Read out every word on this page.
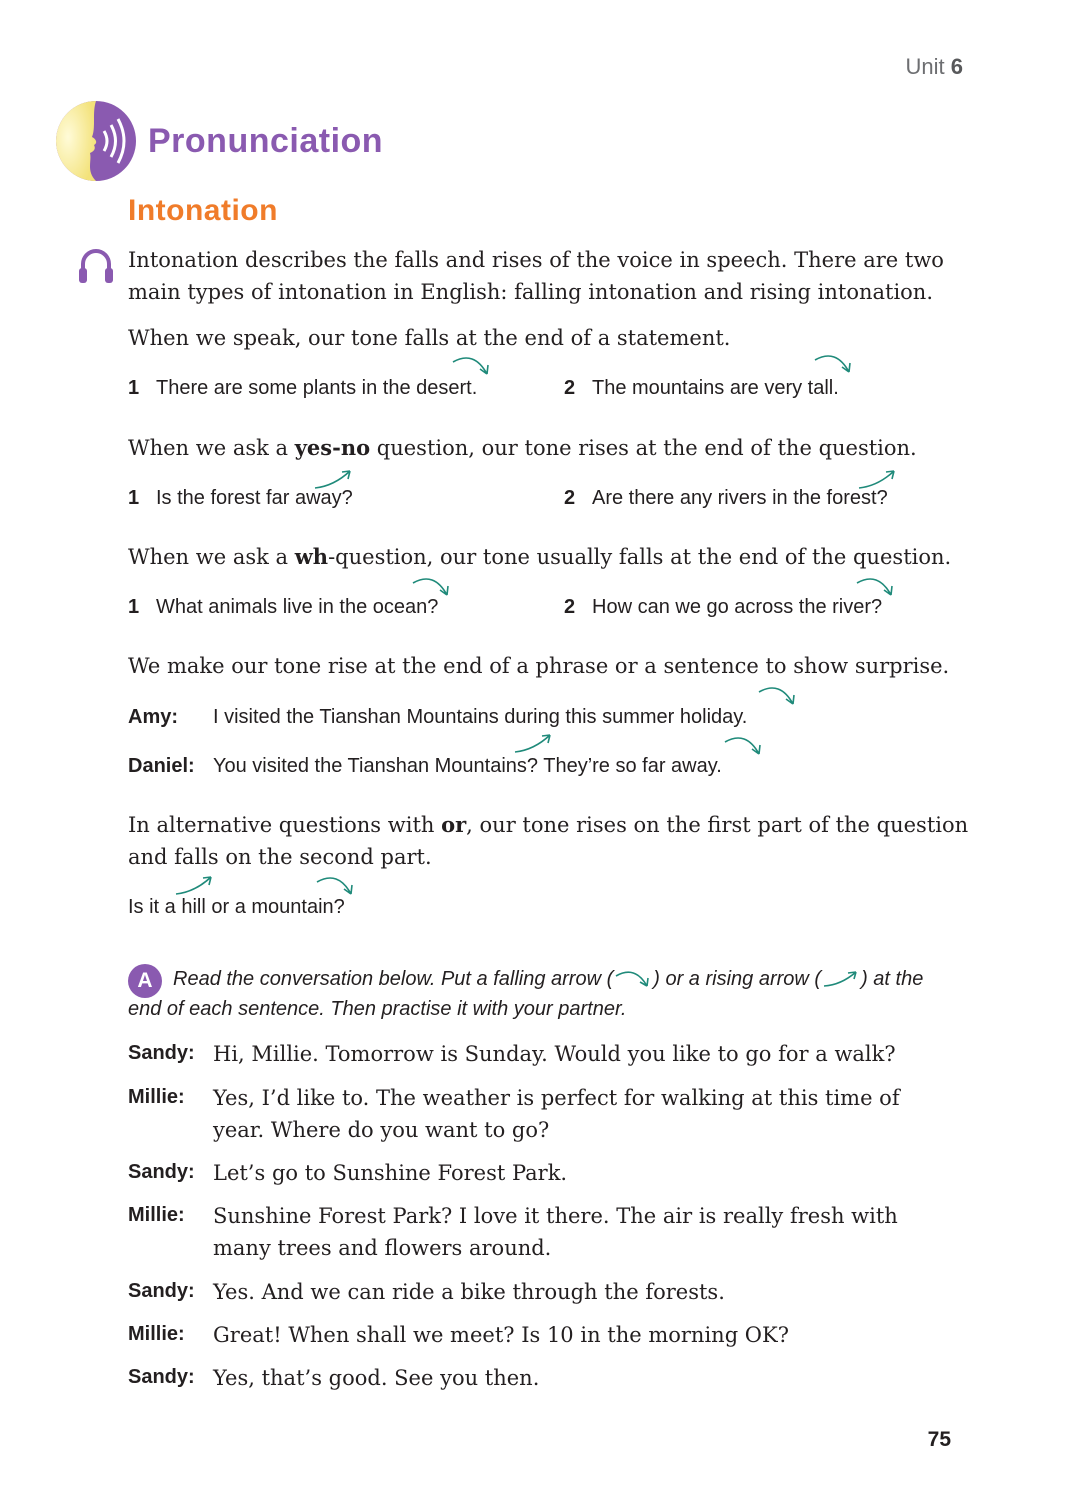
Unit 6
Pronunciation
Intonation
Intonation describes the falls and rises of the voice in speech. There are two main types of intonation in English: falling intonation and rising intonation.
When we speak, our tone falls at the end of a statement.
1 There are some plants in the desert.	2 The mountains are very tall.
When we ask a yes-no question, our tone rises at the end of the question.
1 Is the forest far away?	2 Are there any rivers in the forest?
When we ask a wh-question, our tone usually falls at the end of the question.
1 What animals live in the ocean?	2 How can we go across the river?
We make our tone rise at the end of a phrase or a sentence to show surprise.
Amy: I visited the Tianshan Mountains during this summer holiday.
Daniel: You visited the Tianshan Mountains? They’re so far away.
In alternative questions with or, our tone rises on the first part of the question and falls on the second part.
Is it a hill or a mountain?
A	Read the conversation below. Put a falling arrow ( ) or a rising arrow ( ) at the end of each sentence. Then practise it with your partner.
Sandy: Hi, Millie. Tomorrow is Sunday. Would you like to go for a walk?
Millie: Yes, I’d like to. The weather is perfect for walking at this time of year. Where do you want to go?
Sandy: Let’s go to Sunshine Forest Park.
Millie: Sunshine Forest Park? I love it there. The air is really fresh with many trees and flowers around.
Sandy: Yes. And we can ride a bike through the forests.
Millie: Great! When shall we meet? Is 10 in the morning OK?
Sandy: Yes, that’s good. See you then.
75
